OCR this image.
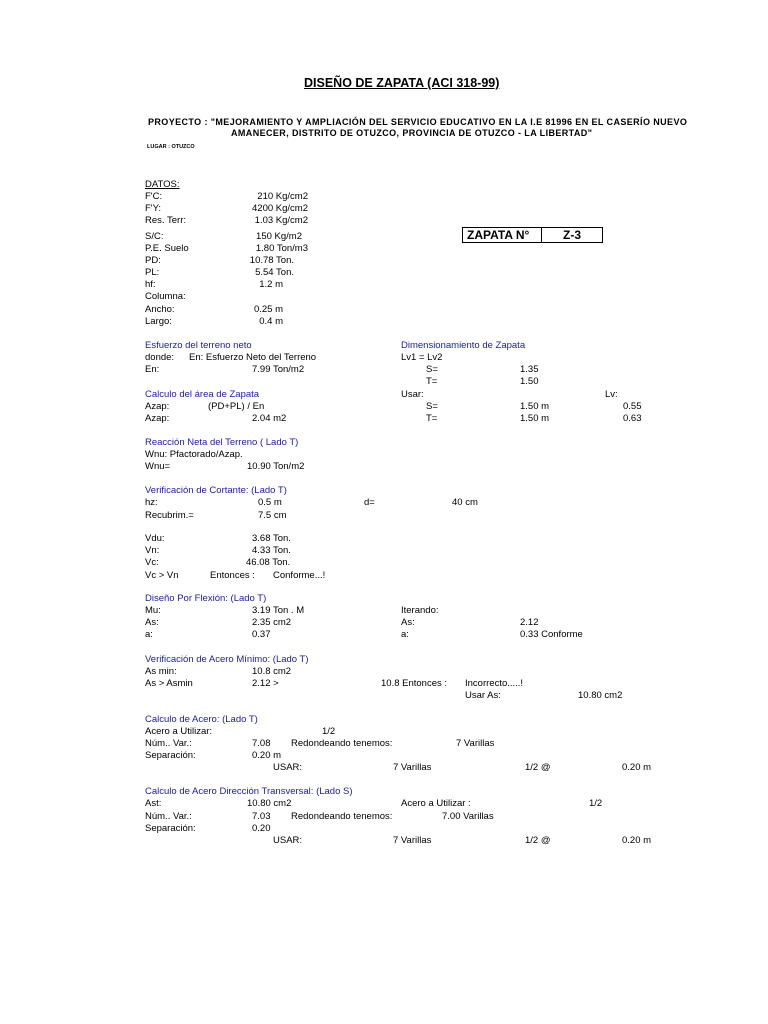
DISEÑO DE ZAPATA (ACI 318-99)
PROYECTO : "MEJORAMIENTO Y AMPLIACIÓN DEL SERVICIO EDUCATIVO EN LA I.E 81996 EN EL CASERÍO NUEVO
AMANECER, DISTRITO DE OTUZCO, PROVINCIA DE OTUZCO - LA LIBERTAD"
LUGAR : OTUZCO
ZAPATA N°	Z-3
DATOS:
F'C:	210 Kg/cm2
F'Y:	4200 Kg/cm2
Res. Terr:	1.03 Kg/cm2
S/C:	150 Kg/m2
P.E. Suelo	1.80 Ton/m3
PD:	10.78 Ton.
PL:	5.54 Ton.
hf:	1.2 m
Columna:
Ancho:	0.25 m
Largo:	0.4 m
Esfuerzo del terreno neto
donde: En: Esfuerzo Neto del Terreno
En:	7.99 Ton/m2
Dimensionamiento de Zapata
Lv1 = Lv2
S=	1.35
T=	1.50
Calculo del área de Zapata
Azap:	(PD+PL) / En
Azap:	2.04 m2
Usar:	Lv:
S=	1.50 m	0.55
T=	1.50 m	0.63
Reacción Neta del Terreno ( Lado T)
Wnu: Pfactorado/Azap.
Wnu=	10.90 Ton/m2
Verificación de Cortante: (Lado T)
hz:	0.5 m	d=	40 cm
Recubrim.=	7.5 cm
Vdu:	3.68 Ton.
Vn:	4.33 Ton.
Vc:	46.08 Ton.
Vc > Vn	Entonces : Conforme...!
Diseño Por Flexión: (Lado T)
Mu:	3.19 Ton . M	Iterando:
As:	2.35 cm2	As:	2.12
a:	0.37	a:	0.33 Conforme
Verificación de Acero Mínimo: (Lado T)
As min:	10.8 cm2
As > Asmin	2.12 >	10.8 Entonces : Incorrecto.....!
Usar As:	10.80 cm2
Calculo de Acero: (Lado T)
Acero a Utilizar:	1/2
Núm.. Var.:	7.08 Redondeando tenemos:	7 Varillas
Separación:	0.20 m
USAR:	7 Varillas	1/2 @	0.20 m
Calculo de Acero Dirección Transversal: (Lado S)
Ast:	10.80 cm2	Acero a Utilizar :	1/2
Núm.. Var.:	7.03 Redondeando tenemos:	7.00 Varillas
Separación:	0.20
USAR:	7 Varillas	1/2 @	0.20 m
